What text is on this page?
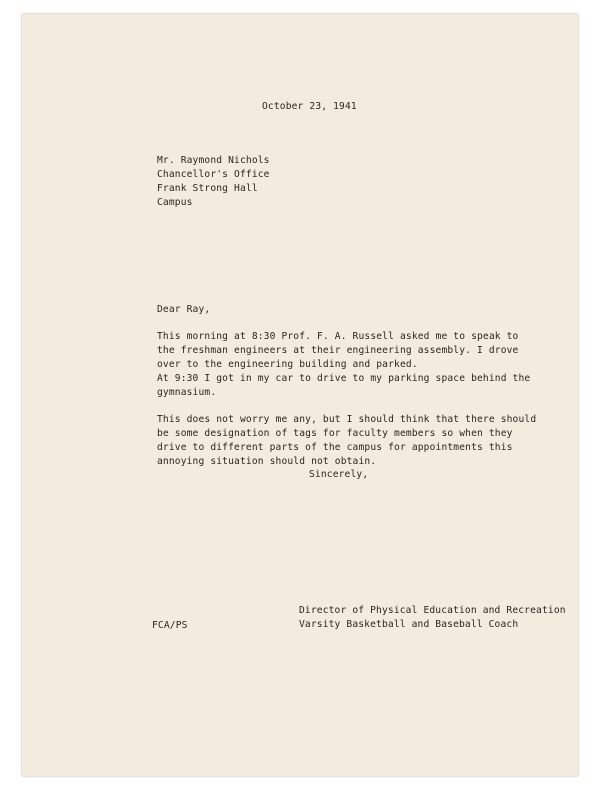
October 23, 1941
Mr. Raymond Nichols
Chancellor's Office
Frank Strong Hall
Campus
Dear Ray,
This morning at 8:30 Prof. F. A. Russell asked me to speak to
the freshman engineers at their engineering assembly. I drove
over to the engineering building and parked.
At 9:30 I got in my car to drive to my parking space behind the
gymnasium.
This does not worry me any, but I should think that there should
be some designation of tags for faculty members so when they
drive to different parts of the campus for appointments this
annoying situation should not obtain.
Sincerely,
Director of Physical Education and Recreation
Varsity Basketball and Baseball Coach
FCA/PS
